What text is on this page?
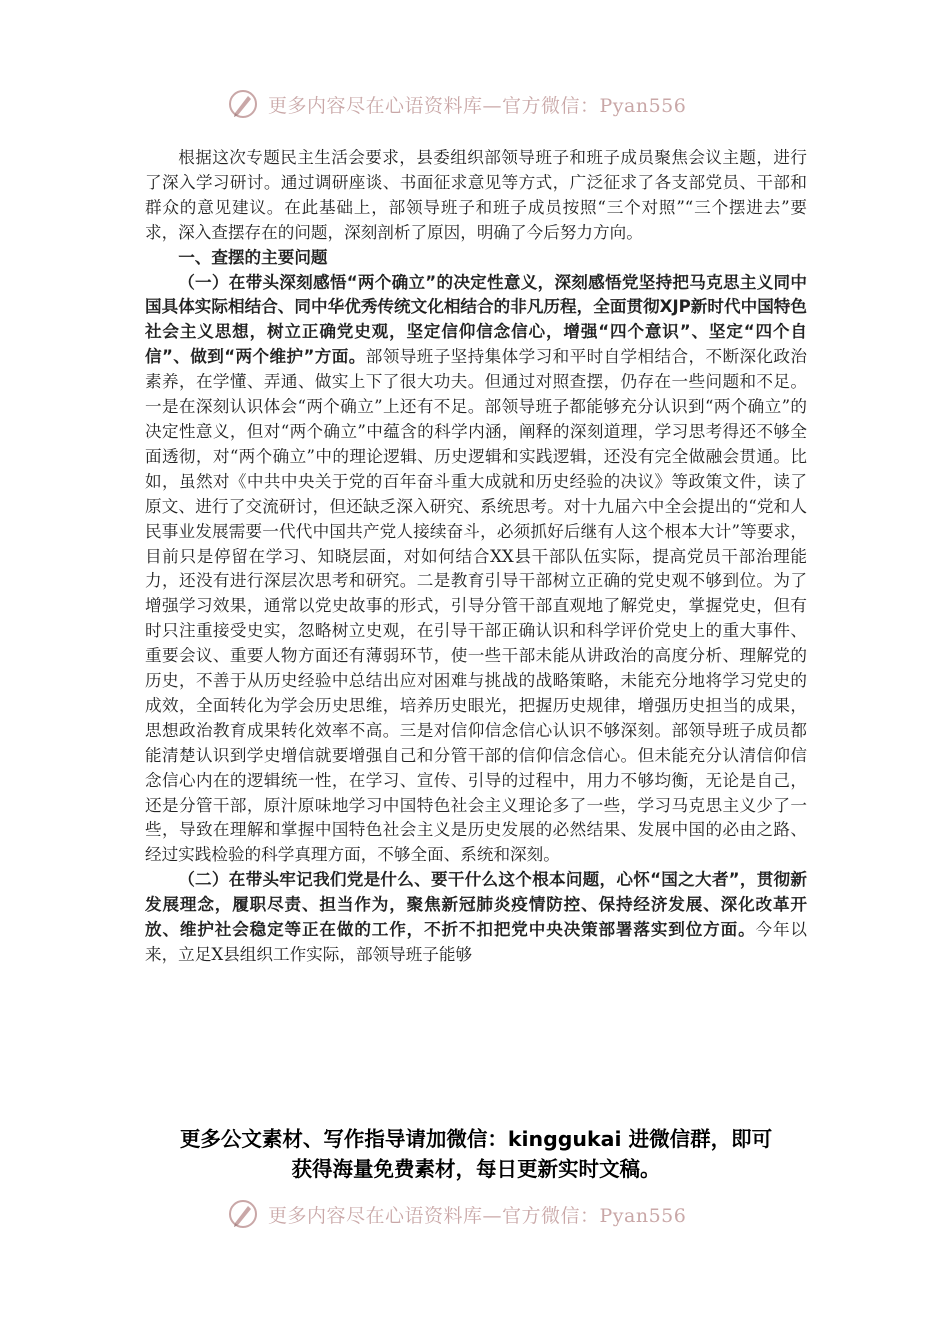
更多内容尽在心语资料库—官方微信：Pyan556

根据这次专题民主生活会要求，县委组织部领导班子和班子成员聚焦会议主题，进行了深入学习研讨。通过调研座谈、书面征求意见等方式，广泛征求了各支部党员、干部和群众的意见建议。在此基础上，部领导班子和班子成员按照“三个对照”“三个摆进去”要求，深入查摆存在的问题，深刻剖析了原因，明确了今后努力方向。

一、查摆的主要问题

（一）在带头深刻感悟“两个确立”的决定性意义，深刻感悟党坚持把马克思主义同中国具体实际相结合、同中华优秀传统文化相结合的非凡历程，全面贯彻XJP新时代中国特色社会主义思想，树立正确党史观，坚定信仰信念信心，增强“四个意识”、坚定“四个自信”、做到“两个维护”方面。部领导班子坚持集体学习和平时自学相结合，不断深化政治素养，在学懂、弄通、做实上下了很大功夫。但通过对照查摆，仍存在一些问题和不足。一是在深刻认识体会“两个确立”上还有不足。部领导班子都能够充分认识到“两个确立”的决定性意义，但对“两个确立”中蕴含的科学内涵，阐释的深刻道理，学习思考得还不够全面透彻，对“两个确立”中的理论逻辑、历史逻辑和实践逻辑，还没有完全做融会贯通。比如，虽然对《中共中央关于党的百年奋斗重大成就和历史经验的决议》等政策文件，读了原文、进行了交流研讨，但还缺乏深入研究、系统思考。对十九届六中全会提出的“党和人民事业发展需要一代代中国共产党人接续奋斗，必须抓好后继有人这个根本大计”等要求，目前只是停留在学习、知晓层面，对如何结合XX县干部队伍实际，提高党员干部治理能力，还没有进行深层次思考和研究。二是教育引导干部树立正确的党史观不够到位。为了增强学习效果，通常以党史故事的形式，引导分管干部直观地了解党史，掌握党史，但有时只注重接受史实，忽略树立史观，在引导干部正确认识和科学评价党史上的重大事件、重要会议、重要人物方面还有薄弱环节，使一些干部未能从讲政治的高度分析、理解党的历史，不善于从历史经验中总结出应对困难与挑战的战略策略，未能充分地将学习党史的成效，全面转化为学会历史思维，培养历史眼光，把握历史规律，增强历史担当的成果，思想政治教育成果转化效率不高。三是对信仰信念信心认识不够深刻。部领导班子成员都能清楚认识到学史增信就要增强自己和分管干部的信仰信念信心。但未能充分认清信仰信念信心内在的逻辑统一性，在学习、宣传、引导的过程中，用力不够均衡，无论是自己，还是分管干部，原汁原味地学习中国特色社会主义理论多了一些，学习马克思主义少了一些，导致在理解和掌握中国特色社会主义是历史发展的必然结果、发展中国的必由之路、经过实践检验的科学真理方面，不够全面、系统和深刻。

（二）在带头牢记我们党是什么、要干什么这个根本问题，心怀“国之大者”，贯彻新发展理念，履职尽责、担当作为，聚焦新冠肺炎疫情防控、保持经济发展、深化改革开放、维护社会稳定等正在做的工作，不折不扣把党中央决策部署落实到位方面。今年以来，立足X县组织工作实际，部领导班子能够

更多公文素材、写作指导请加微信：kinggukai 进微信群，即可
获得海量免费素材，每日更新实时文稿。
更多内容尽在心语资料库—官方微信：Pyan556
